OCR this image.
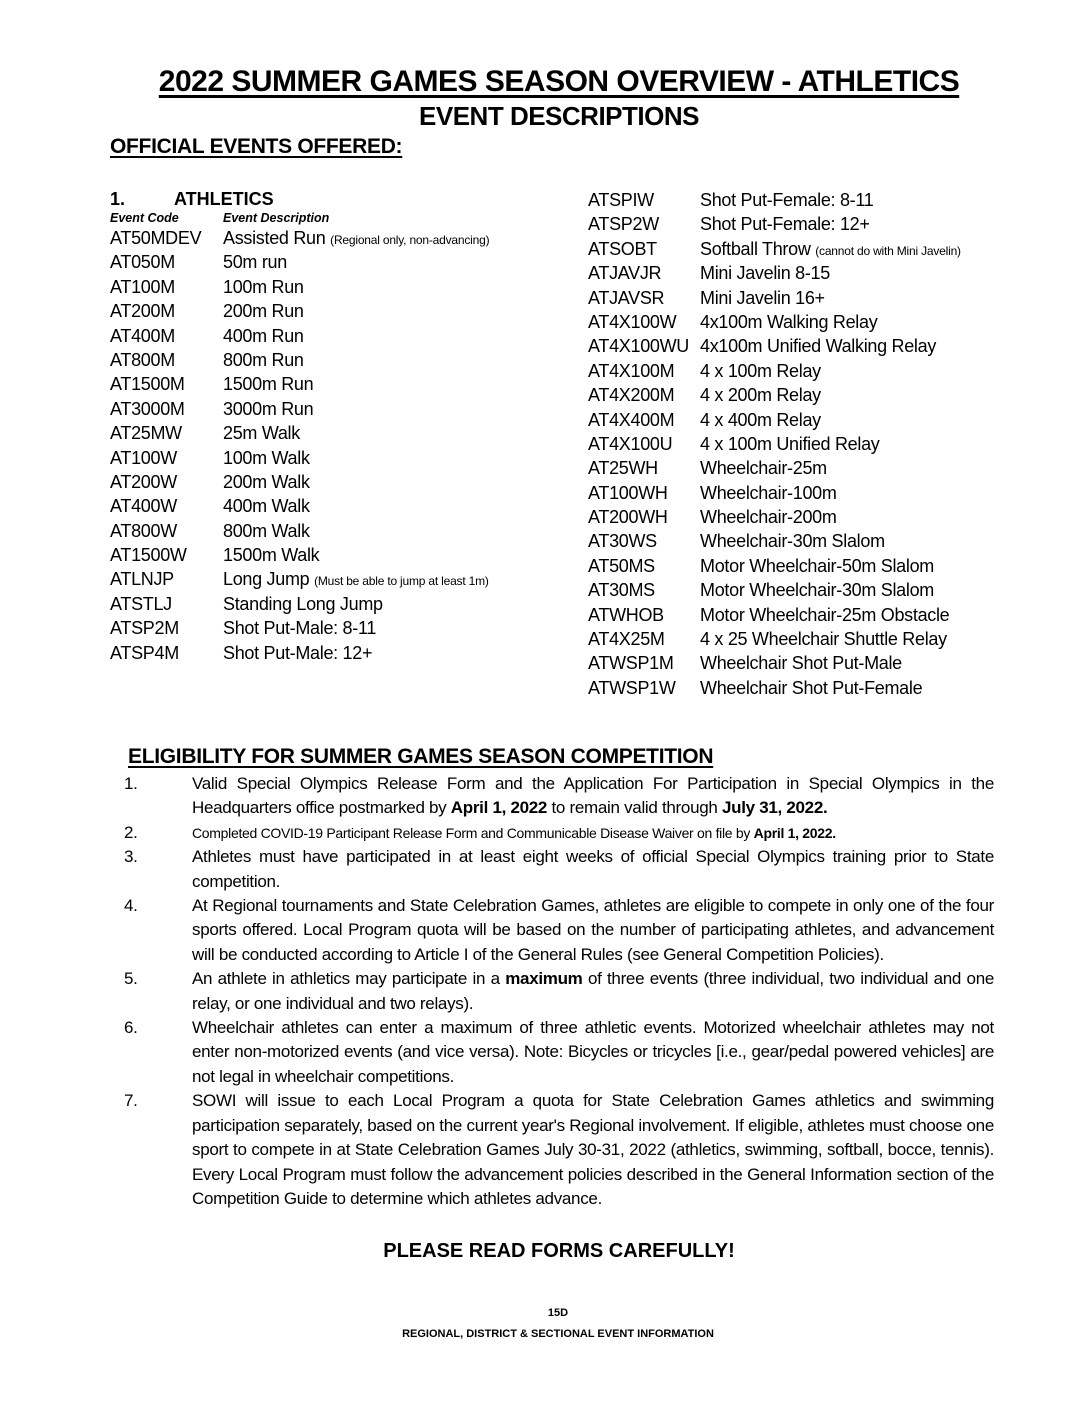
2022 SUMMER GAMES SEASON OVERVIEW - ATHLETICS
EVENT DESCRIPTIONS
OFFICIAL EVENTS OFFERED:
1.	ATHLETICS
Event Code	Event Description
AT50MDEV Assisted Run (Regional only, non-advancing)
AT050M	50m run
AT100M	100m Run
AT200M	200m Run
AT400M	400m Run
AT800M	800m Run
AT1500M 1500m Run
AT3000M 3000m Run
AT25MW 25m Walk
AT100W	100m Walk
AT200W	200m Walk
AT400W	400m Walk
AT800W	800m Walk
AT1500W 1500m Walk
ATLNJP	Long Jump (Must be able to jump at least 1m)
ATSTLJ	Standing Long Jump
ATSP2M Shot Put-Male: 8-11
ATSP4M Shot Put-Male: 12+
ATSPIW	Shot Put-Female: 8-11
ATSP2W Shot Put-Female: 12+
ATSOBT Softball Throw (cannot do with Mini Javelin)
ATJAVJR Mini Javelin 8-15
ATJAVSR Mini Javelin 16+
AT4X100W 4x100m Walking Relay
AT4X100WU 4x100m Unified Walking Relay
AT4X100M 4 x 100m Relay
AT4X200M 4 x 200m Relay
AT4X400M 4 x 400m Relay
AT4X100U 4 x 100m Unified Relay
AT25WH Wheelchair-25m
AT100WH Wheelchair-100m
AT200WH Wheelchair-200m
AT30WS Wheelchair-30m Slalom
AT50MS	Motor Wheelchair-50m Slalom
AT30MS	Motor Wheelchair-30m Slalom
ATWHOB Motor Wheelchair-25m Obstacle
AT4X25M 4 x 25 Wheelchair Shuttle Relay
ATWSP1M Wheelchair Shot Put-Male
ATWSP1W Wheelchair Shot Put-Female
ELIGIBILITY FOR SUMMER GAMES SEASON COMPETITION
1.	Valid Special Olympics Release Form and the Application For Participation in Special Olympics in the Headquarters office postmarked by April 1, 2022 to remain valid through July 31, 2022.
2.	Completed COVID-19 Participant Release Form and Communicable Disease Waiver on file by April 1, 2022.
3.	Athletes must have participated in at least eight weeks of official Special Olympics training prior to State competition.
4.	At Regional tournaments and State Celebration Games, athletes are eligible to compete in only one of the four sports offered. Local Program quota will be based on the number of participating athletes, and advancement will be conducted according to Article I of the General Rules (see General Competition Policies).
5.	An athlete in athletics may participate in a maximum of three events (three individual, two individual and one relay, or one individual and two relays).
6.	Wheelchair athletes can enter a maximum of three athletic events. Motorized wheelchair athletes may not enter non-motorized events (and vice versa). Note: Bicycles or tricycles [i.e., gear/pedal powered vehicles] are not legal in wheelchair competitions.
7.	SOWI will issue to each Local Program a quota for State Celebration Games athletics and swimming participation separately, based on the current year's Regional involvement. If eligible, athletes must choose one sport to compete in at State Celebration Games July 30-31, 2022 (athletics, swimming, softball, bocce, tennis). Every Local Program must follow the advancement policies described in the General Information section of the Competition Guide to determine which athletes advance.
PLEASE READ FORMS CAREFULLY!
15D
REGIONAL, DISTRICT & SECTIONAL EVENT INFORMATION
